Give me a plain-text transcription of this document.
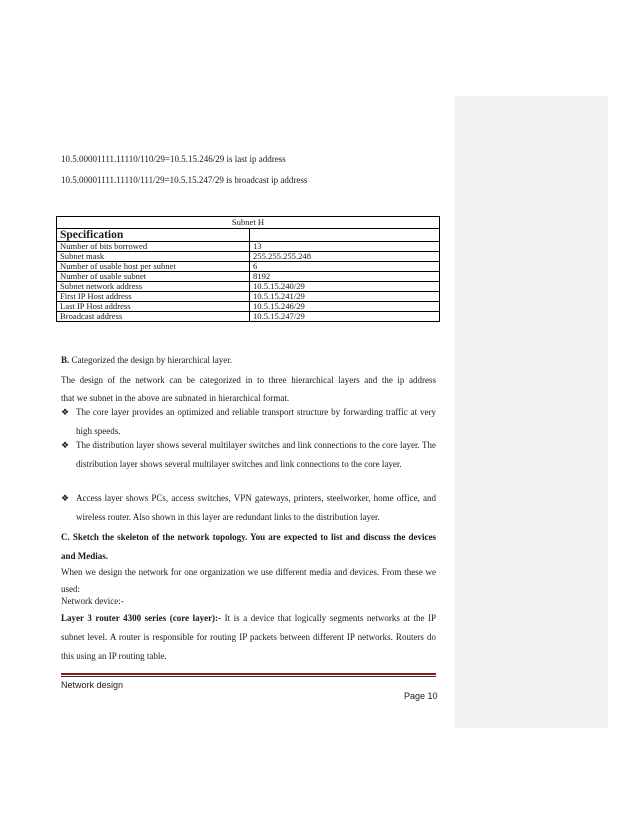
10.5.00001111.11110/110/29=10.5.15.246/29 is last ip address
10.5.00001111.11110/111/29=10.5.15.247/29 is broadcast ip address
Subnet H	
Specification	
Number of bits borrowed	13
Subnet mask	255.255.255.248
Number of usable host per subnet	6
Number of usable subnet	8192
Subnet network address	10.5.15.240/29
First IP Host address	10.5.15.241/29
Last IP Host address	10.5.15.246/29
Broadcast address	10.5.15.247/29
B. Categorized the design by hierarchical layer.
The design of the network can be categorized in to three hierarchical layers and the ip address
that we subnet in the above are subnated in hierarchical format.
❖ The core layer provides an optimized and reliable transport structure by forwarding traffic at very high speeds.
❖ The distribution layer shows several multilayer switches and link connections to the core layer. The distribution layer shows several multilayer switches and link connections to the core layer.
❖ Access layer shows PCs, access switches, VPN gateways, printers, steelworker, home office, and wireless router. Also shown in this layer are redundant links to the distribution layer.
C. Sketch the skeleton of the network topology. You are expected to list and discuss the devices and Medias.
When we design the network for one organization we use different media and devices. From these we used:
Network device:-
Layer 3 router 4300 series (core layer):- It is a device that logically segments networks at the IP subnet level. A router is responsible for routing IP packets between different IP networks. Routers do this using an IP routing table.
Network design
Page 10
